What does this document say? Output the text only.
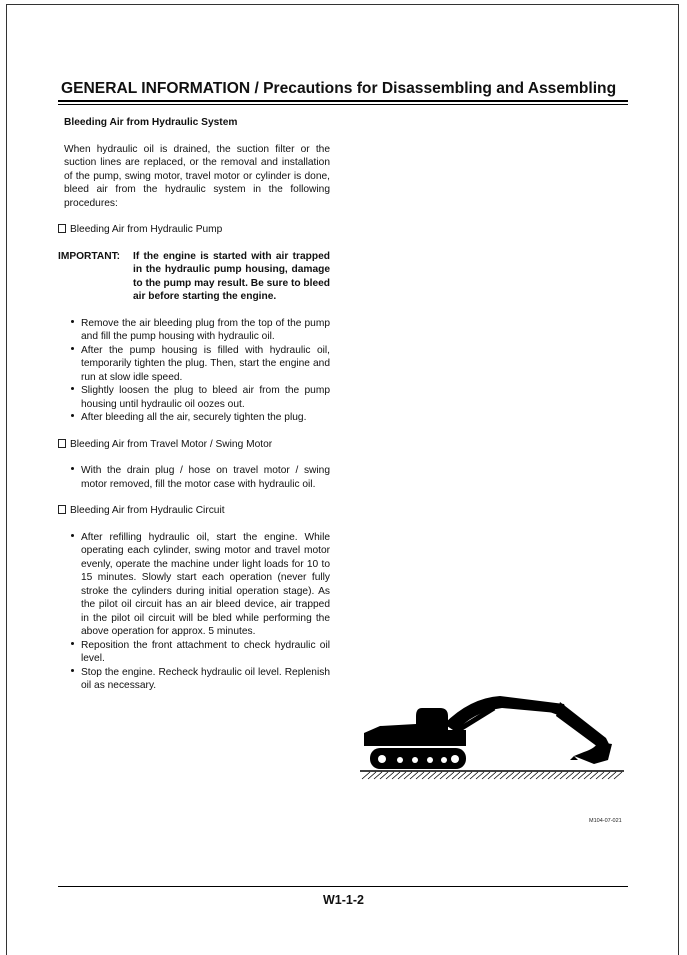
GENERAL INFORMATION / Precautions for Disassembling and Assembling
Bleeding Air from Hydraulic System
When hydraulic oil is drained, the suction filter or the suction lines are replaced, or the removal and installation of the pump, swing motor, travel motor or cylinder is done, bleed air from the hydraulic system in the following procedures:
Bleeding Air from Hydraulic Pump
IMPORTANT:	If the engine is started with air trapped in the hydraulic pump housing, damage to the pump may result. Be sure to bleed air before starting the engine.
Remove the air bleeding plug from the top of the pump and fill the pump housing with hydraulic oil.
After the pump housing is filled with hydraulic oil, temporarily tighten the plug. Then, start the engine and run at slow idle speed.
Slightly loosen the plug to bleed air from the pump housing until hydraulic oil oozes out.
After bleeding all the air, securely tighten the plug.
Bleeding Air from Travel Motor / Swing Motor
With the drain plug / hose on travel motor / swing motor removed, fill the motor case with hydraulic oil.
Bleeding Air from Hydraulic Circuit
After refilling hydraulic oil, start the engine. While operating each cylinder, swing motor and travel motor evenly, operate the machine under light loads for 10 to 15 minutes. Slowly start each operation (never fully stroke the cylinders during initial operation stage). As the pilot oil circuit has an air bleed device, air trapped in the pilot oil circuit will be bled while performing the above operation for approx. 5 minutes.
Reposition the front attachment to check hydraulic oil level.
Stop the engine. Recheck hydraulic oil level. Replenish oil as necessary.
M104-07-021
W1-1-2
